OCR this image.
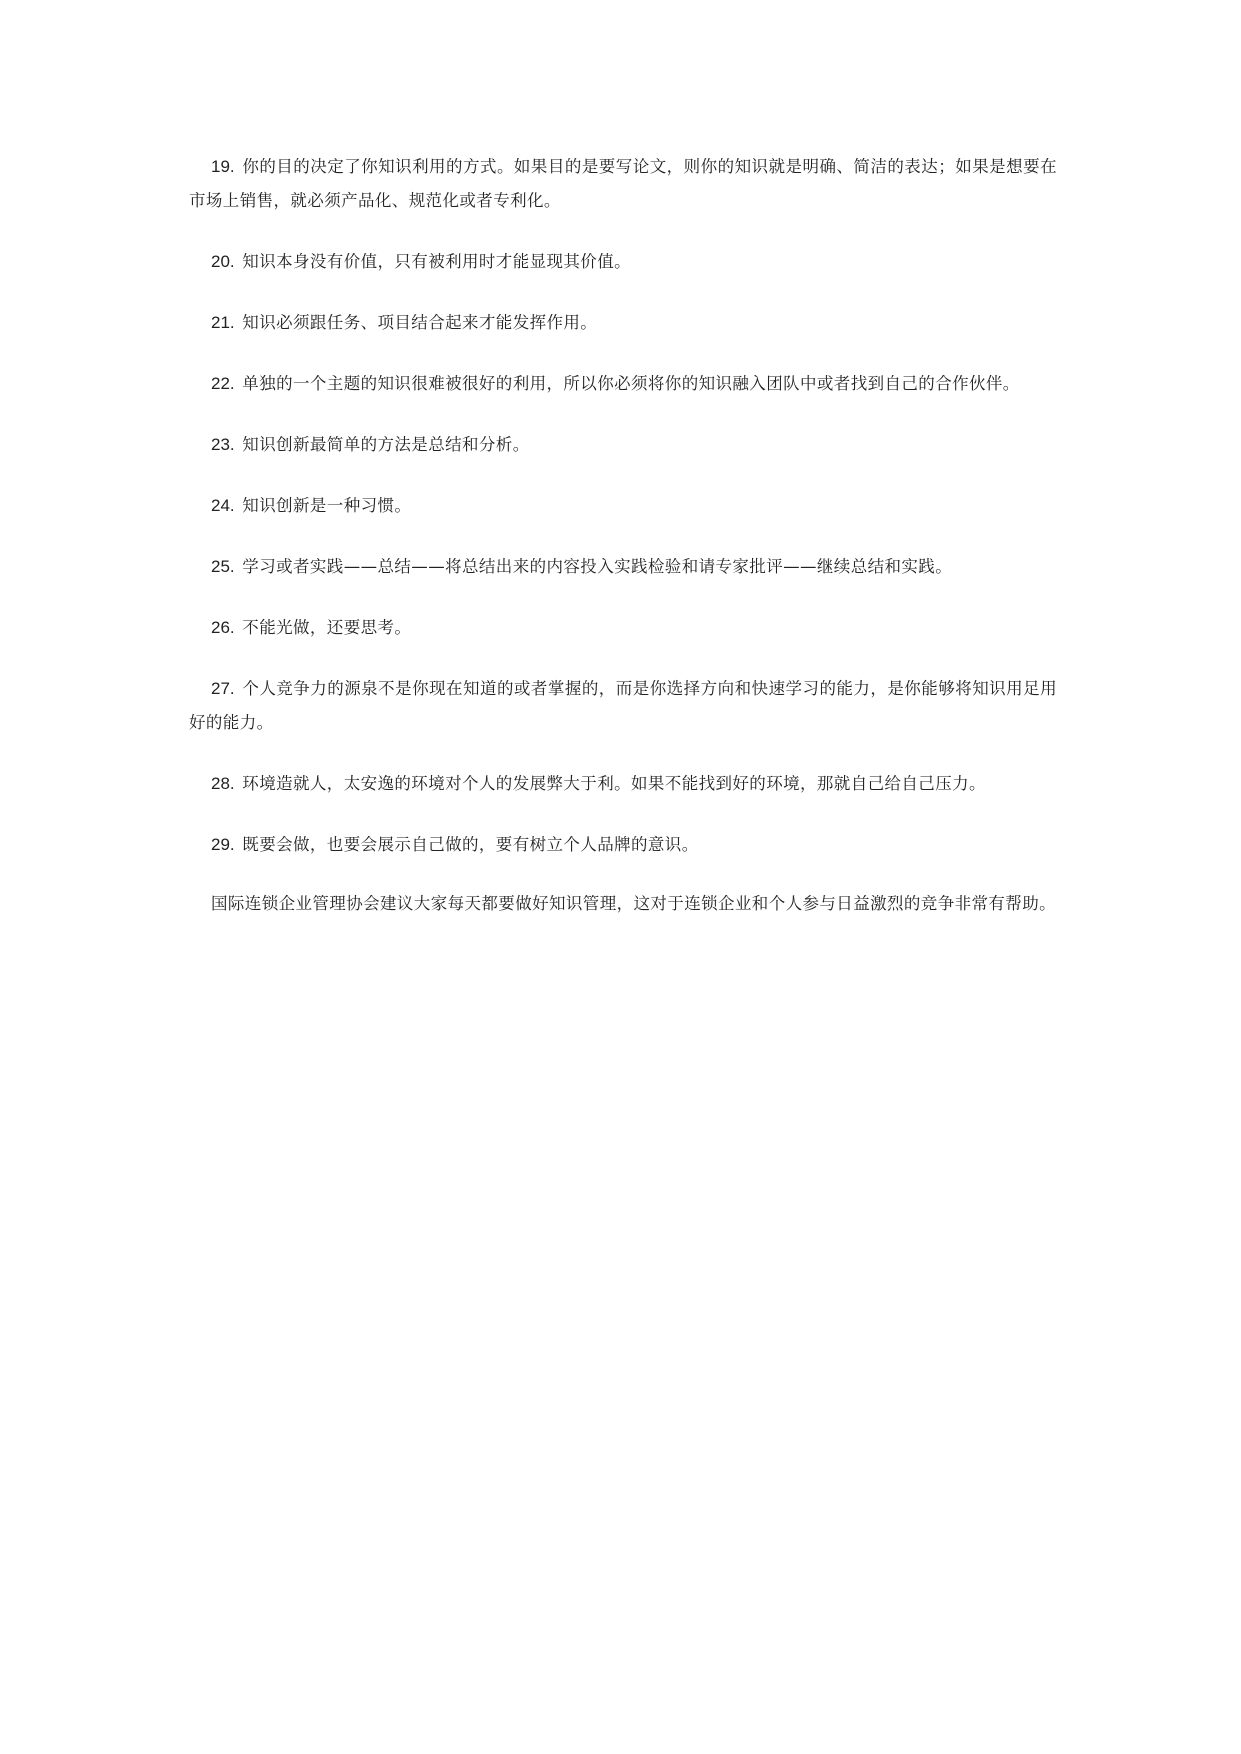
19. 你的目的决定了你知识利用的方式。如果目的是要写论文，则你的知识就是明确、简洁的表达；如果是想要在市场上销售，就必须产品化、规范化或者专利化。

20. 知识本身没有价值，只有被利用时才能显现其价值。

21. 知识必须跟任务、项目结合起来才能发挥作用。

22. 单独的一个主题的知识很难被很好的利用，所以你必须将你的知识融入团队中或者找到自己的合作伙伴。

23. 知识创新最简单的方法是总结和分析。

24. 知识创新是一种习惯。

25. 学习或者实践——总结——将总结出来的内容投入实践检验和请专家批评——继续总结和实践。

26. 不能光做，还要思考。

27. 个人竞争力的源泉不是你现在知道的或者掌握的，而是你选择方向和快速学习的能力，是你能够将知识用足用好的能力。

28. 环境造就人，太安逸的环境对个人的发展弊大于利。如果不能找到好的环境，那就自己给自己压力。

29. 既要会做，也要会展示自己做的，要有树立个人品牌的意识。

国际连锁企业管理协会建议大家每天都要做好知识管理，这对于连锁企业和个人参与日益激烈的竞争非常有帮助。
